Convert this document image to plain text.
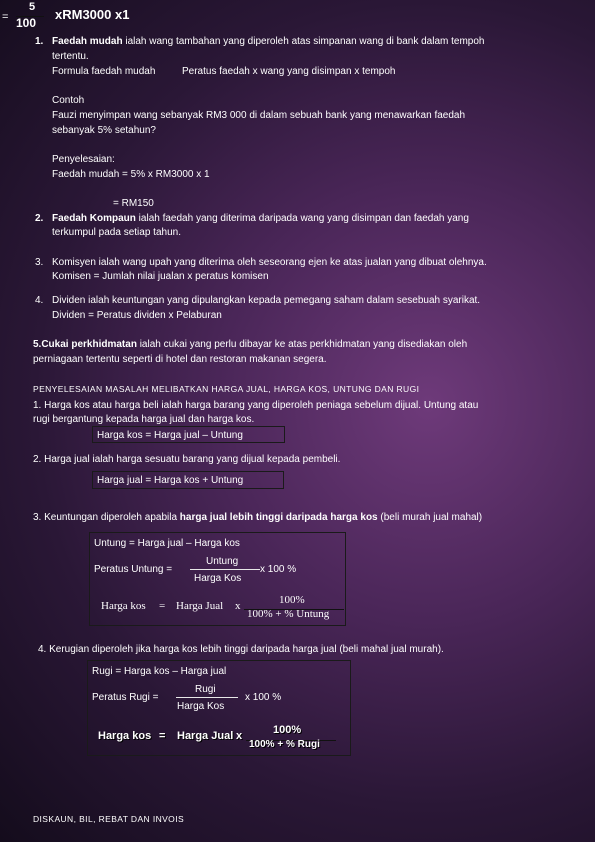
=
5
100
xRM3000 x1
1. Faedah mudah ialah wang tambahan yang diperoleh atas simpanan wang di bank dalam tempoh
tertentu.
Formula faedah mudah	Peratus faedah x wang yang disimpan x tempoh
Contoh
Fauzi menyimpan wang sebanyak RM3 000 di dalam sebuah bank yang menawarkan faedah
sebanyak 5% setahun?
Penyelesaian:
Faedah mudah = 5% x RM3000 x 1
= RM150
2. Faedah Kompaun ialah faedah yang diterima daripada wang yang disimpan dan faedah yang
terkumpul pada setiap tahun.
3. Komisyen ialah wang upah yang diterima oleh seseorang ejen ke atas jualan yang dibuat olehnya.
Komisen = Jumlah nilai jualan x peratus komisen
4. Dividen ialah keuntungan yang dipulangkan kepada pemegang saham dalam sesebuah syarikat.
Dividen = Peratus dividen x Pelaburan
5.Cukai perkhidmatan ialah cukai yang perlu dibayar ke atas perkhidmatan yang disediakan oleh
perniagaan tertentu seperti di hotel dan restoran makanan segera.
PENYELESAIAN MASALAH MELIBATKAN HARGA JUAL, HARGA KOS, UNTUNG DAN RUGI
1. Harga kos atau harga beli ialah harga barang yang diperoleh peniaga sebelum dijual. Untung atau
rugi bergantung kepada harga jual dan harga kos.
Harga kos = Harga jual – Untung
2. Harga jual ialah harga sesuatu barang yang dijual kepada pembeli.
Harga jual = Harga kos + Untung
3. Keuntungan diperoleh apabila harga jual lebih tinggi daripada harga kos (beli murah jual mahal)
Untung = Harga jual – Harga kos
Peratus Untung =
Untung
Harga Kos
x 100 %
Harga kos = Harga Jual x	100%
100% + % Untung
4. Kerugian diperoleh jika harga kos lebih tinggi daripada harga jual (beli mahal jual murah).
Rugi = Harga kos – Harga jual
Peratus Rugi =
Rugi
Harga Kos
x 100 %
Harga kos = Harga Jual x	100%
100% + % Rugi
DISKAUN, BIL, REBAT DAN INVOIS
